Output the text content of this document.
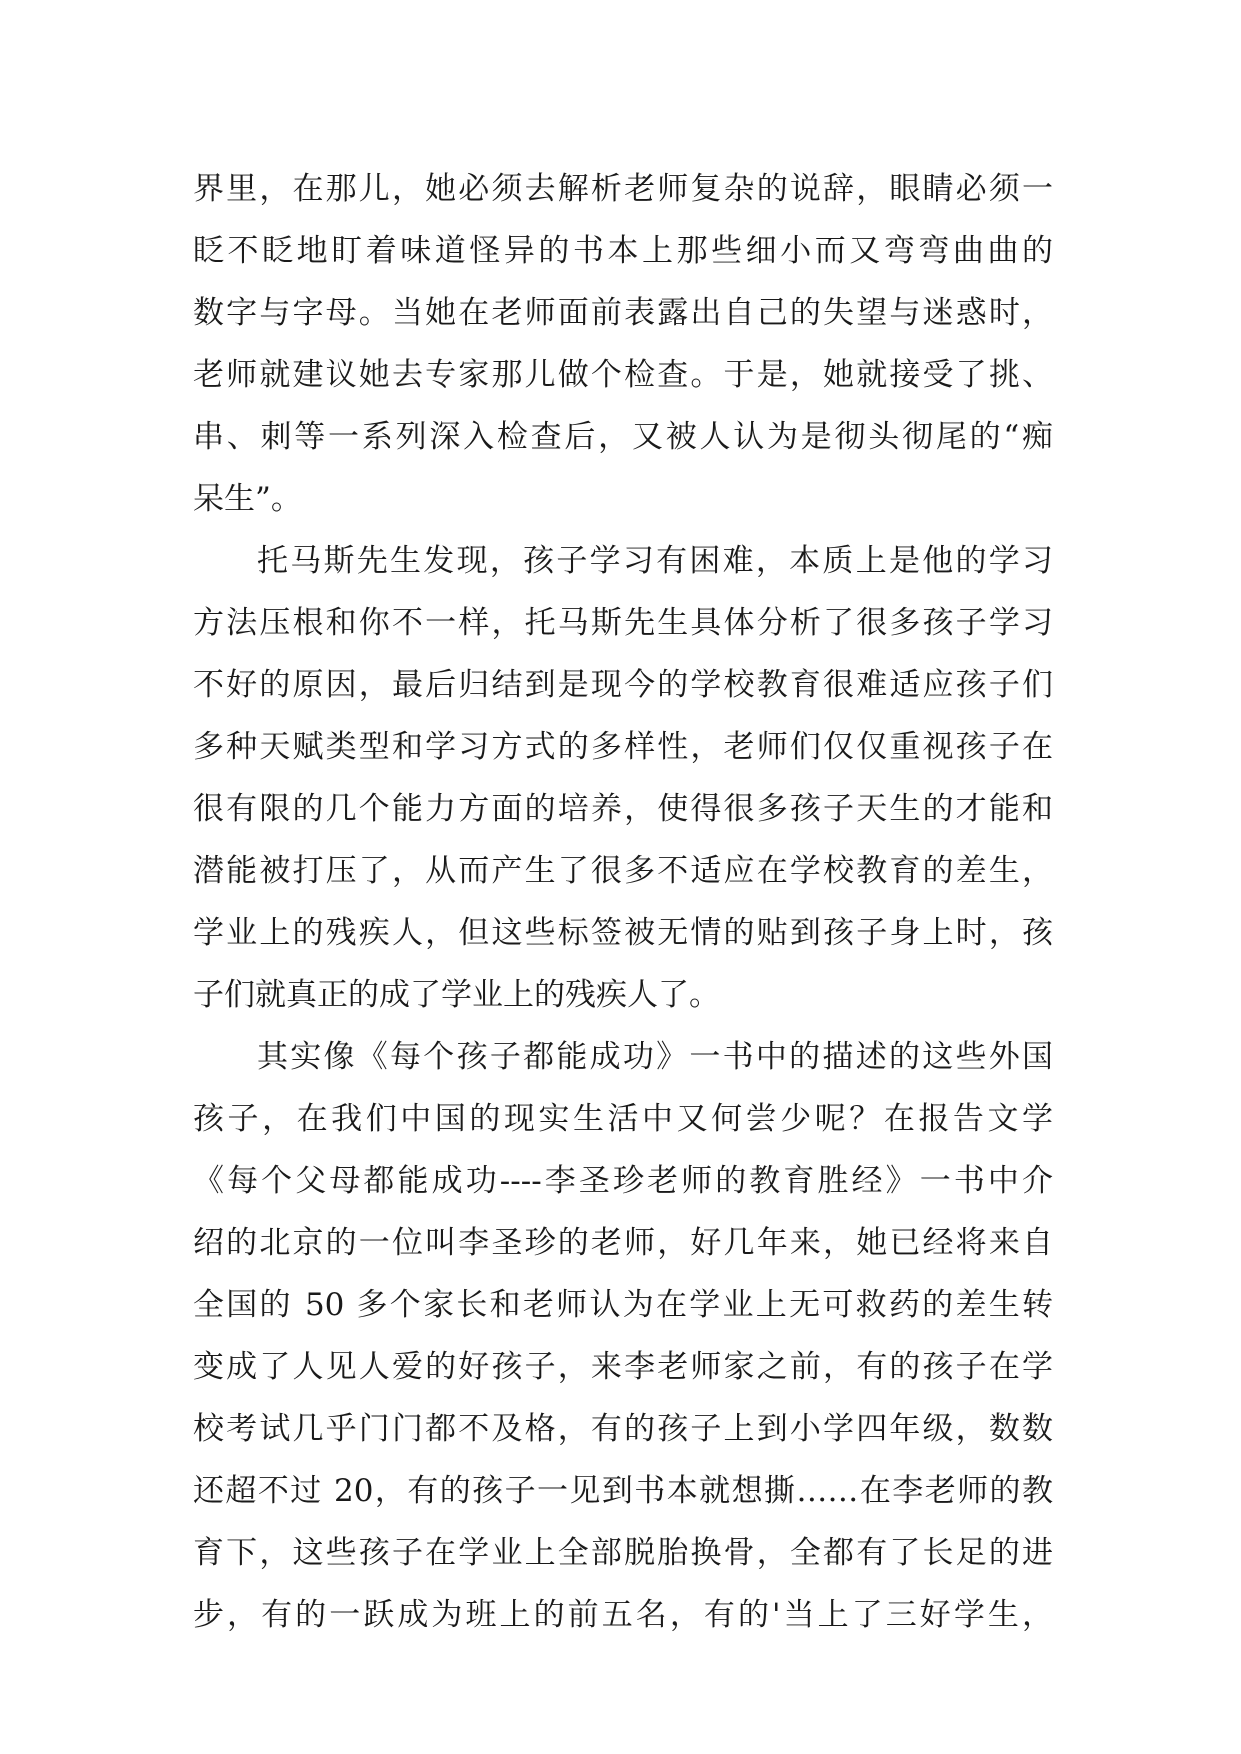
界里，在那儿，她必须去解析老师复杂的说辞，眼睛必须一
眨不眨地盯着味道怪异的书本上那些细小而又弯弯曲曲的
数字与字母。当她在老师面前表露出自己的失望与迷惑时，
老师就建议她去专家那儿做个检查。于是，她就接受了挑、
串、刺等一系列深入检查后，又被人认为是彻头彻尾的“痴
呆生”。
托马斯先生发现，孩子学习有困难，本质上是他的学习
方法压根和你不一样，托马斯先生具体分析了很多孩子学习
不好的原因，最后归结到是现今的学校教育很难适应孩子们
多种天赋类型和学习方式的多样性，老师们仅仅重视孩子在
很有限的几个能力方面的培养，使得很多孩子天生的才能和
潜能被打压了，从而产生了很多不适应在学校教育的差生，
学业上的残疾人，但这些标签被无情的贴到孩子身上时，孩
子们就真正的成了学业上的残疾人了。
其实像《每个孩子都能成功》一书中的描述的这些外国
孩子，在我们中国的现实生活中又何尝少呢？在报告文学
《每个父母都能成功----李圣珍老师的教育胜经》一书中介
绍的北京的一位叫李圣珍的老师，好几年来，她已经将来自
全国的 50 多个家长和老师认为在学业上无可救药的差生转
变成了人见人爱的好孩子，来李老师家之前，有的孩子在学
校考试几乎门门都不及格，有的孩子上到小学四年级，数数
还超不过 20，有的孩子一见到书本就想撕……在李老师的教
育下，这些孩子在学业上全部脱胎换骨，全都有了长足的进
步，有的一跃成为班上的前五名，有的'当上了三好学生，
